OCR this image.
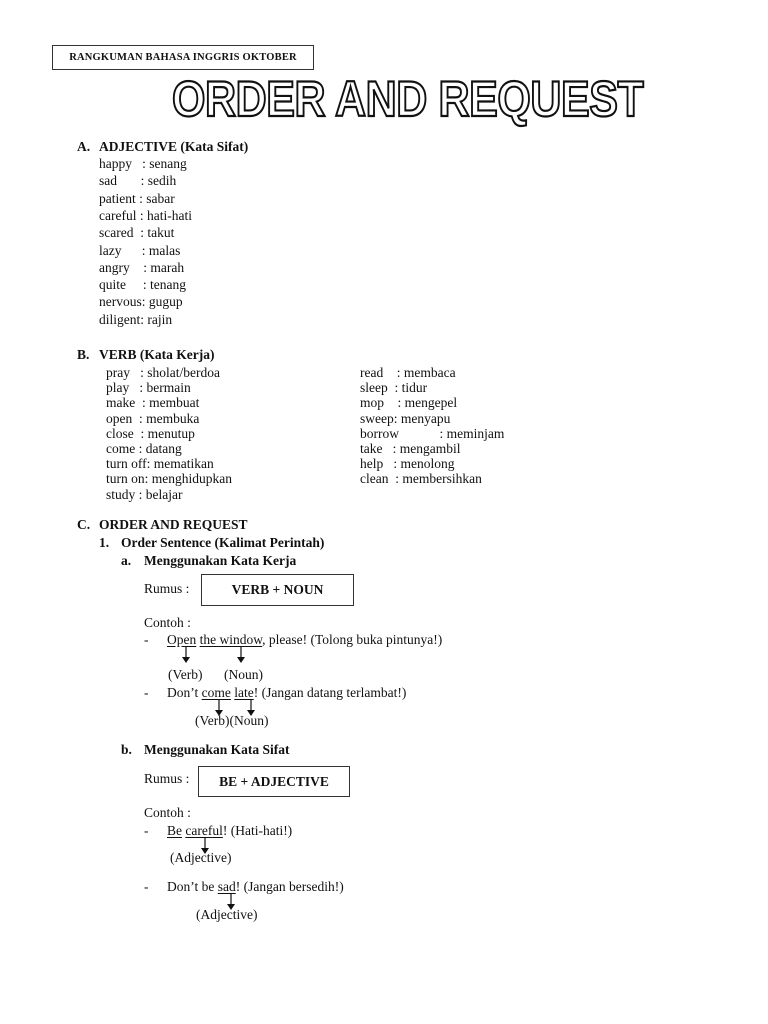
RANGKUMAN BAHASA INGGRIS OKTOBER
ORDER AND REQUEST
A. ADJECTIVE (Kata Sifat)
happy   : senang
sad       : sedih
patient : sabar
careful : hati-hati
scared  : takut
lazy      : malas
angry    : marah
quite     : tenang
nervous: gugup
diligent: rajin
B. VERB (Kata Kerja)
pray   : sholat/berdoa
play   : bermain
make  : membuat
open  : membuka
close  : menutup
come : datang
turn off: mematikan
turn on: menghidupkan
study : belajar
read    : membaca
sleep  : tidur
mop    : mengepel
sweep: menyapu
borrow            : meminjam
take   : mengambil
help   : menolong
clean  : membersihkan
C. ORDER AND REQUEST
1. Order Sentence (Kalimat Perintah)
a. Menggunakan Kata Kerja
Rumus :	VERB + NOUN
Contoh :
- Open the window, please! (Tolong buka pintunya!)
(Verb) (Noun)
- Don’t come late! (Jangan datang terlambat!)
(Verb)(Noun)
b. Menggunakan Kata Sifat
Rumus :	BE + ADJECTIVE
Contoh :
- Be careful! (Hati-hati!)
(Adjective)
- Don’t be sad! (Jangan bersedih!)
(Adjective)
